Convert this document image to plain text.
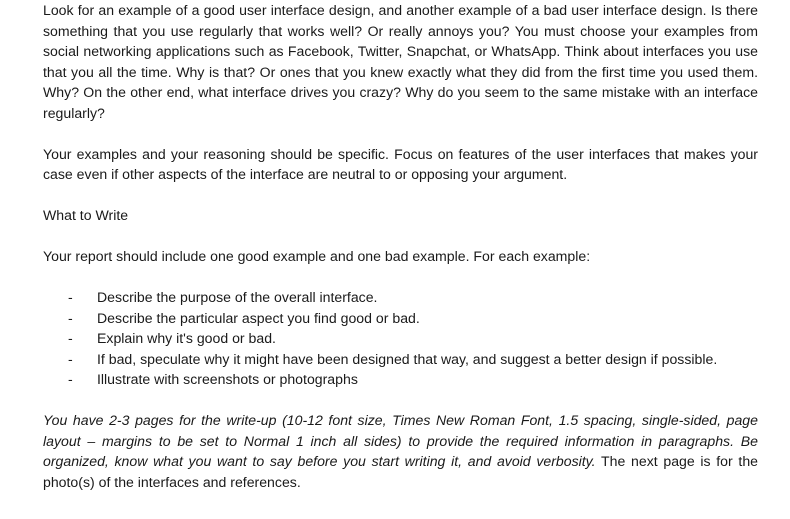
Look for an example of a good user interface design, and another example of a bad user interface design. Is there something that you use regularly that works well? Or really annoys you? You must choose your examples from social networking applications such as Facebook, Twitter, Snapchat, or WhatsApp. Think about interfaces you use that you all the time. Why is that? Or ones that you knew exactly what they did from the first time you used them. Why? On the other end, what interface drives you crazy? Why do you seem to the same mistake with an interface regularly?

Your examples and your reasoning should be specific. Focus on features of the user interfaces that makes your case even if other aspects of the interface are neutral to or opposing your argument.

What to Write

Your report should include one good example and one bad example. For each example:

- Describe the purpose of the overall interface.
- Describe the particular aspect you find good or bad.
- Explain why it's good or bad.
- If bad, speculate why it might have been designed that way, and suggest a better design if possible.
- Illustrate with screenshots or photographs

You have 2-3 pages for the write-up (10-12 font size, Times New Roman Font, 1.5 spacing, single-sided, page layout – margins to be set to Normal 1 inch all sides) to provide the required information in paragraphs. Be organized, know what you want to say before you start writing it, and avoid verbosity. The next page is for the photo(s) of the interfaces and references.
